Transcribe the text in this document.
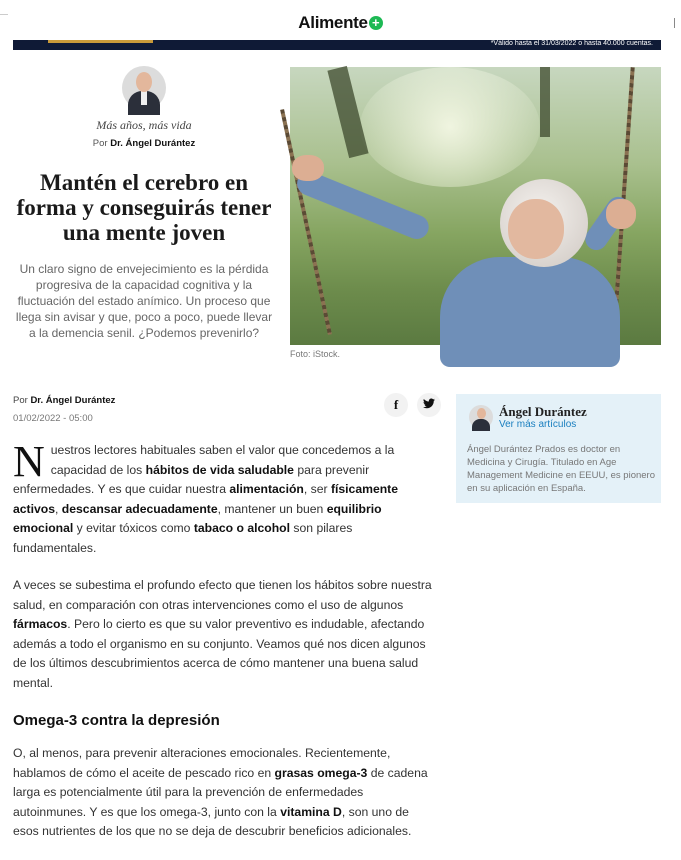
Alimente +
*Válido hasta el 31/03/2022 o hasta 40.000 cuentas.
Más años, más vida
Por Dr. Ángel Durántez
Mantén el cerebro en forma y conseguirás tener una mente joven

Un claro signo de envejecimiento es la pérdida progresiva de la capacidad cognitiva y la fluctuación del estado anímico. Un proceso que llega sin avisar y que, poco a poco, puede llevar a la demencia senil. ¿Podemos prevenirlo?

Foto: iStock.
Por Dr. Ángel Durántez
01/02/2022 - 05:00
f	Ángel Durántez
Ver más artículos
Ángel Durántez Prados es doctor en Medicina y Cirugía. Titulado en Age Management Medicine en EEUU, es pionero en su aplicación en España.

Nuestros lectores habituales saben el valor que concedemos a la capacidad de los hábitos de vida saludable para prevenir enfermedades. Y es que cuidar nuestra alimentación, ser físicamente activos, descansar adecuadamente, mantener un buen equilibrio emocional y evitar tóxicos como tabaco o alcohol son pilares fundamentales.

A veces se subestima el profundo efecto que tienen los hábitos sobre nuestra salud, en comparación con otras intervenciones como el uso de algunos fármacos. Pero lo cierto es que su valor preventivo es indudable, afectando además a todo el organismo en su conjunto. Veamos qué nos dicen algunos de los últimos descubrimientos acerca de cómo mantener una buena salud mental.

Omega-3 contra la depresión

O, al menos, para prevenir alteraciones emocionales. Recientemente, hablamos de cómo el aceite de pescado rico en grasas omega-3 de cadena larga es potencialmente útil para la prevención de enfermedades autoinmunes. Y es que los omega-3, junto con la vitamina D, son uno de esos nutrientes de los que no se deja de descubrir beneficios adicionales.
